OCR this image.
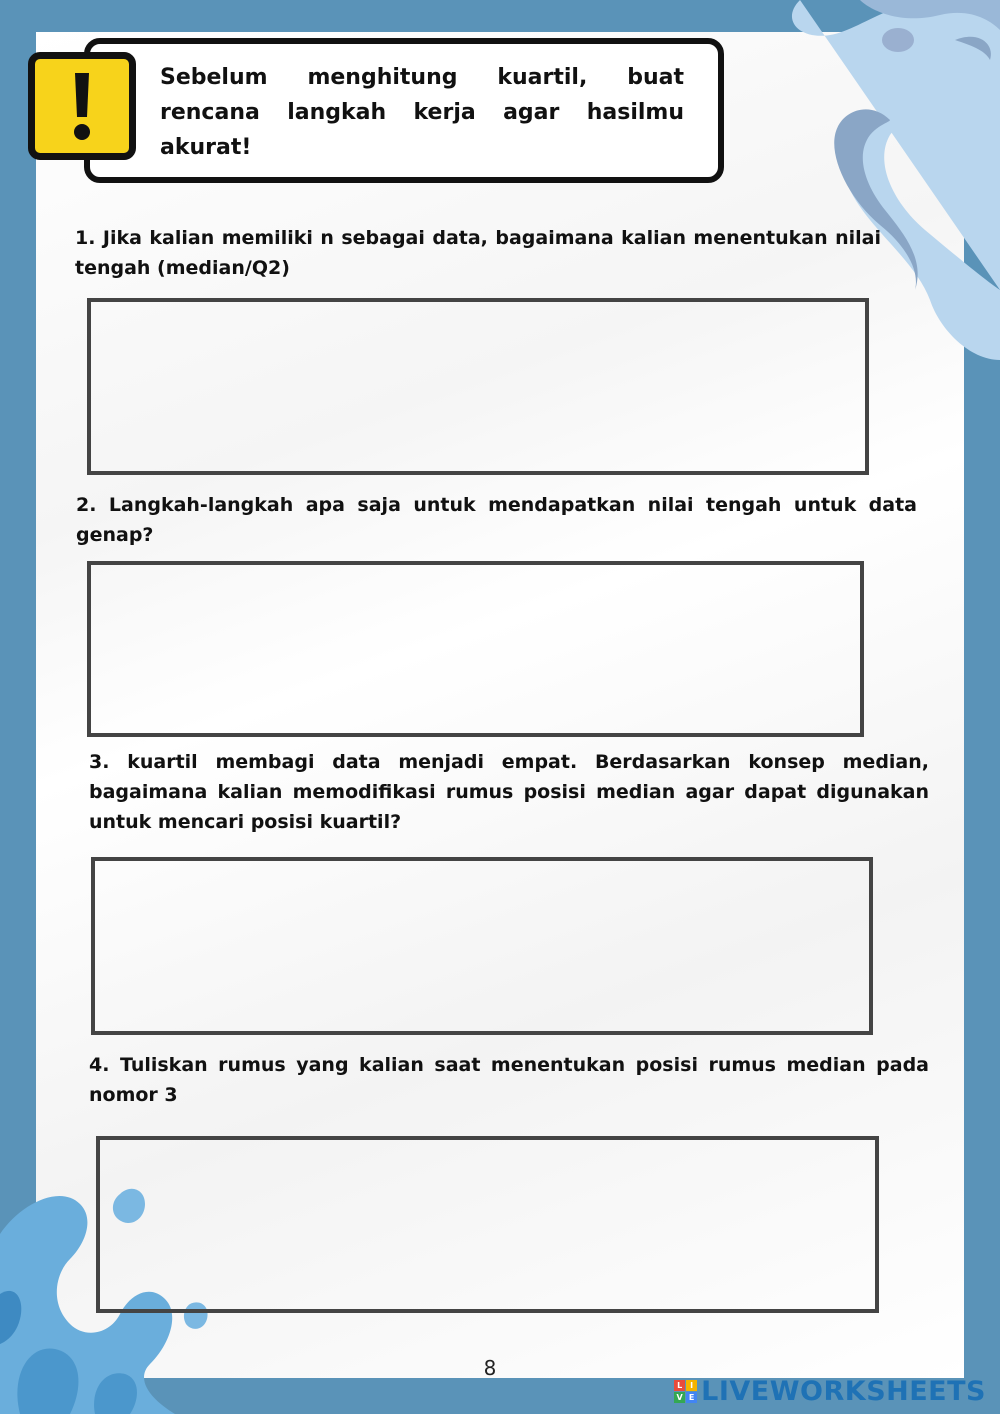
Sebelum menghitung kuartil, buat rencana langkah kerja agar hasilmu akurat!
1. Jika kalian memiliki n sebagai data, bagaimana kalian menentukan nilai tengah (median/Q2)
2. Langkah-langkah apa saja untuk mendapatkan nilai tengah untuk data genap?
3. kuartil membagi data menjadi empat. Berdasarkan konsep median, bagaimana kalian memodifikasi rumus posisi median agar dapat digunakan untuk mencari posisi kuartil?
4. Tuliskan rumus yang kalian saat menentukan posisi rumus median pada nomor 3
8
L I
V E LIVEWORKSHEETS
